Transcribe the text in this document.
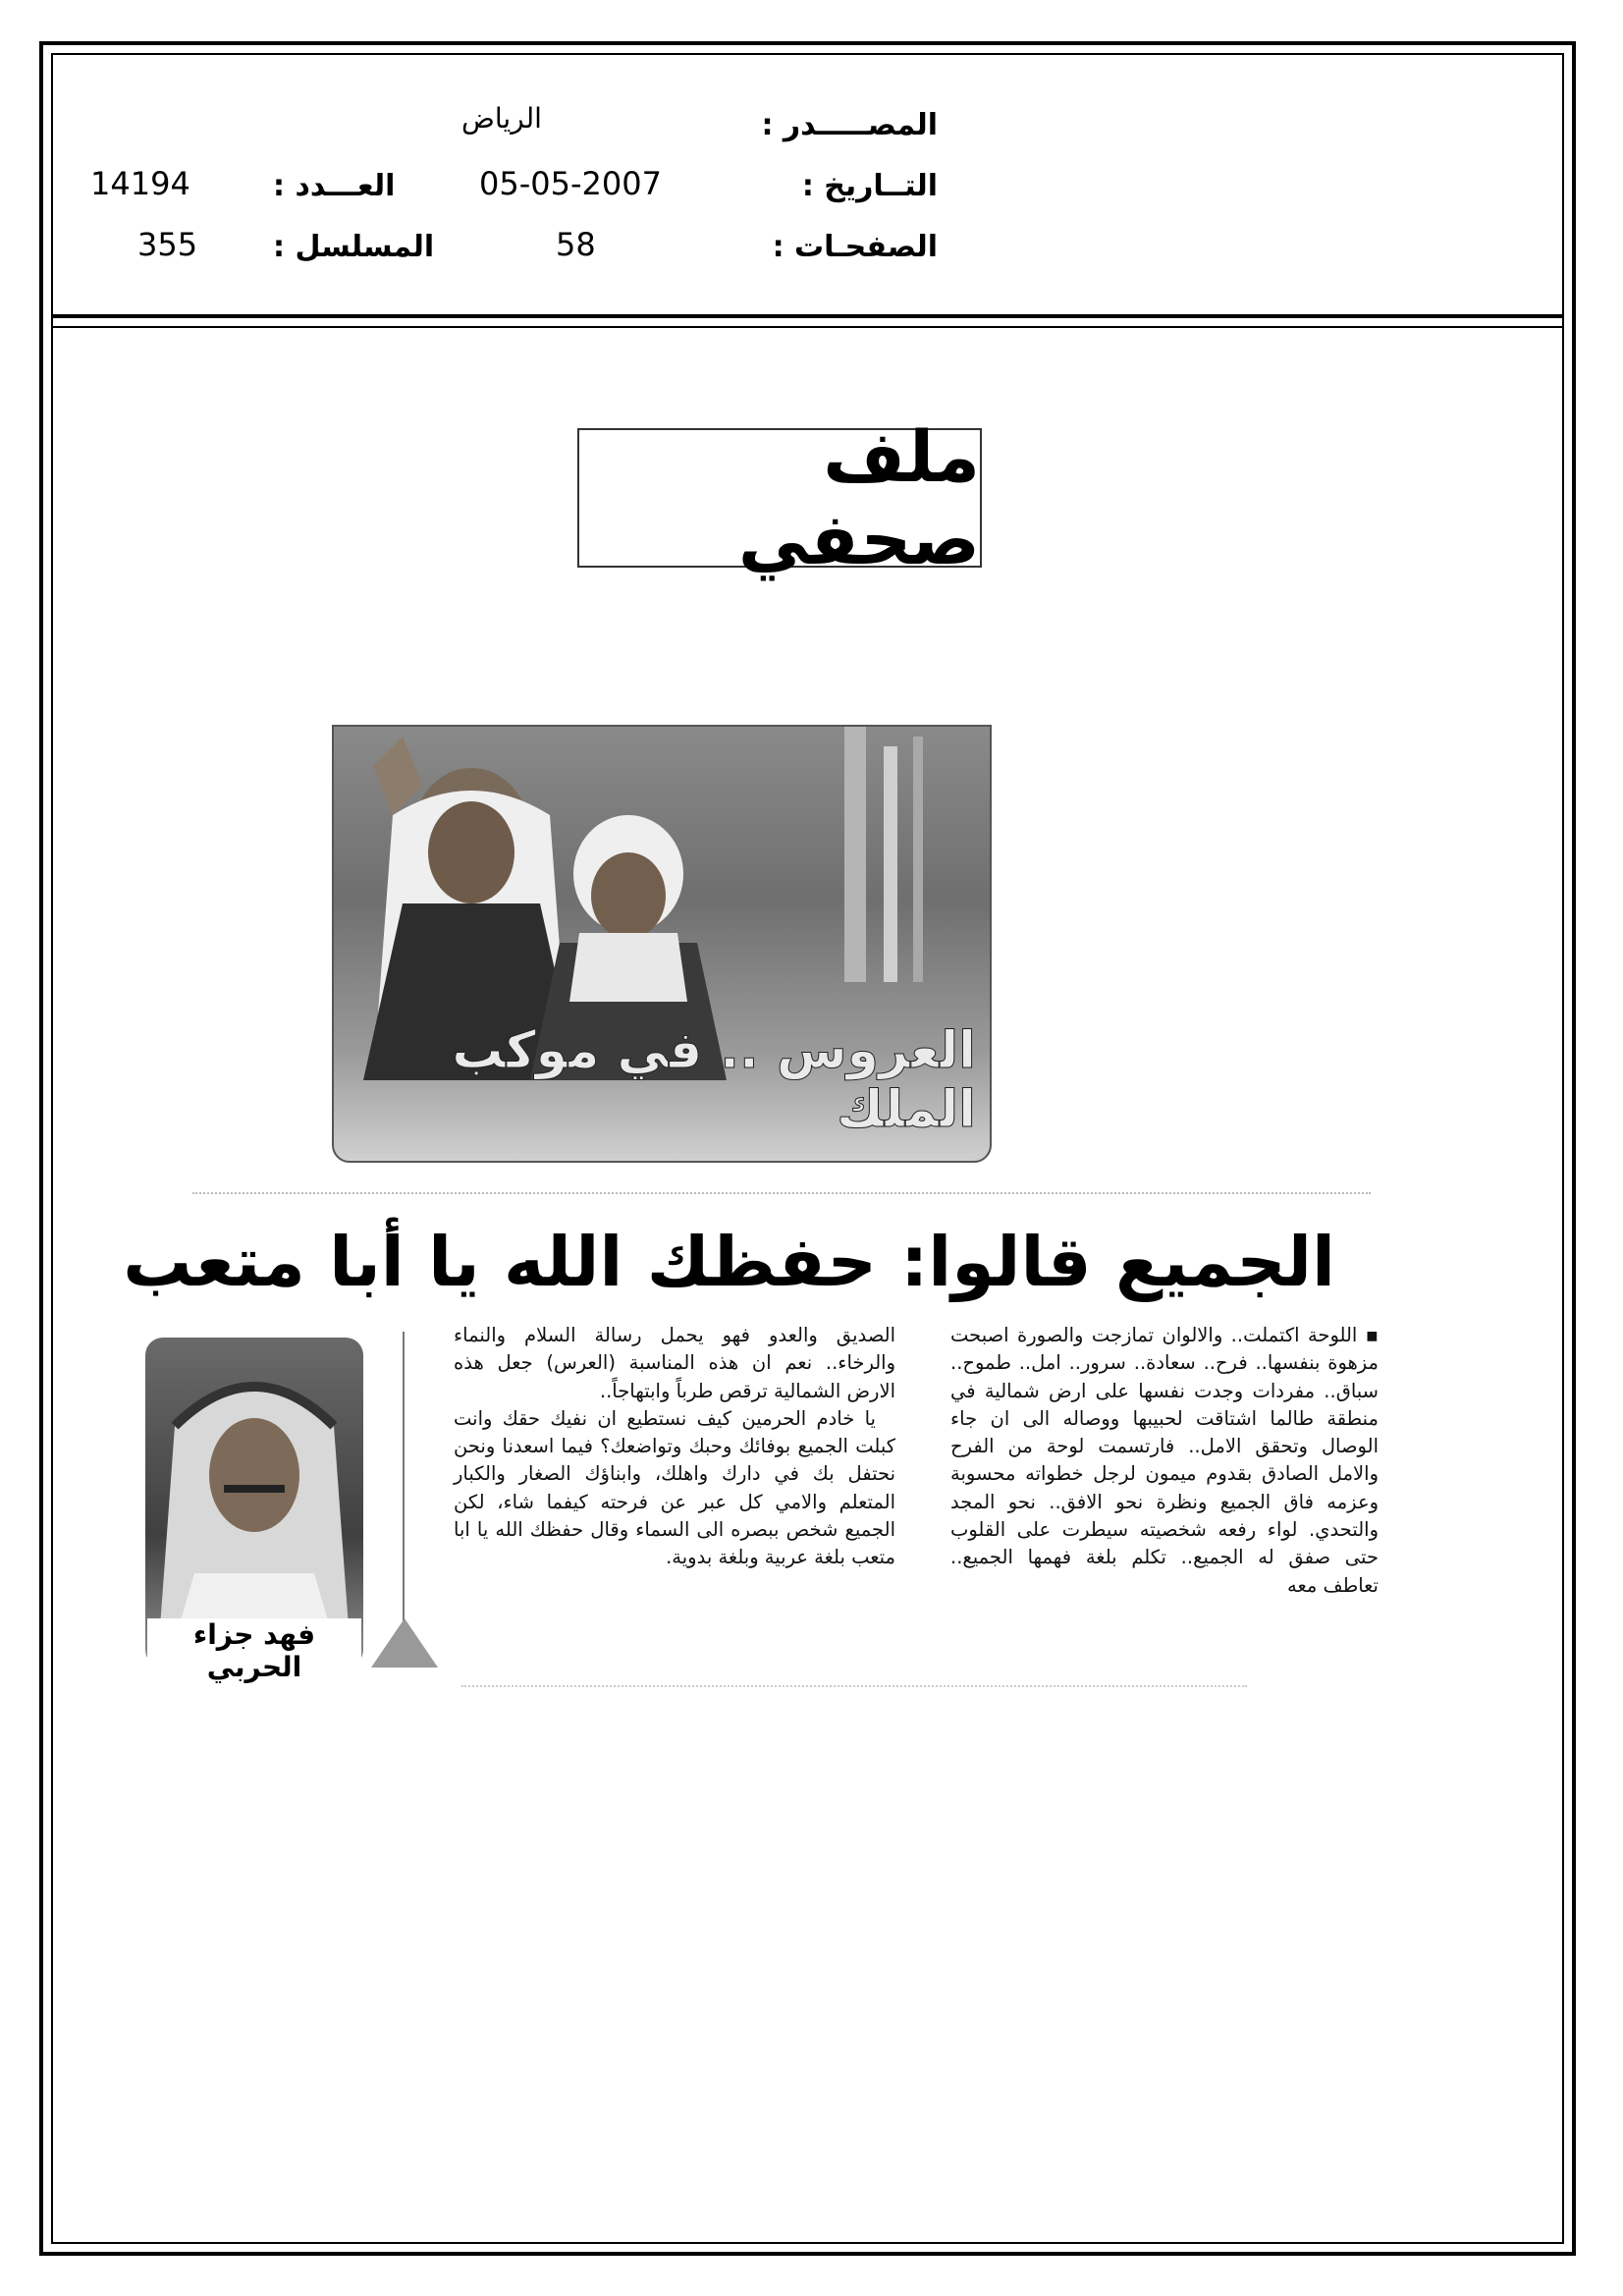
المصـــــدر :
الرياض
التــاريخ :
05-05-2007
العـــدد :
14194
الصفحـات :
58
المسلسل :
355
ملف صحفي
العروس .. في موكب الملك
الجميع قالوا: حفظك الله يا أبا متعب

▪ اللوحة اكتملت.. والالوان تمازجت والصورة اصبحت مزهوة بنفسها.. فرح.. سعادة.. سرور.. امل.. طموح.. سباق.. مفردات وجدت نفسها على ارض شمالية في منطقة طالما اشتاقت لحبيبها ووصاله الى ان جاء الوصال وتحقق الامل.. فارتسمت لوحة من الفرح والامل الصادق بقدوم ميمون لرجل خطواته محسوبة وعزمه فاق الجميع ونظرة نحو الافق.. نحو المجد والتحدي. لواء رفعه شخصيته سيطرت على القلوب حتى صفق له الجميع.. تكلم بلغة فهمها الجميع.. تعاطف معه

الصديق والعدو فهو يحمل رسالة السلام والنماء والرخاء.. نعم ان هذه المناسبة (العرس) جعل هذه الارض الشمالية ترقص طرباً وابتهاجاً..

يا خادم الحرمين كيف نستطيع ان نفيك حقك وانت كبلت الجميع بوفائك وحبك وتواضعك؟ فيما اسعدنا ونحن نحتفل بك في دارك واهلك، وابناؤك الصغار والكبار المتعلم والامي كل عبر عن فرحته كيفما شاء، لكن الجميع شخص ببصره الى السماء وقال حفظك الله يا ابا متعب بلغة عربية وبلغة بدوية.

فهد جزاء الحربي
